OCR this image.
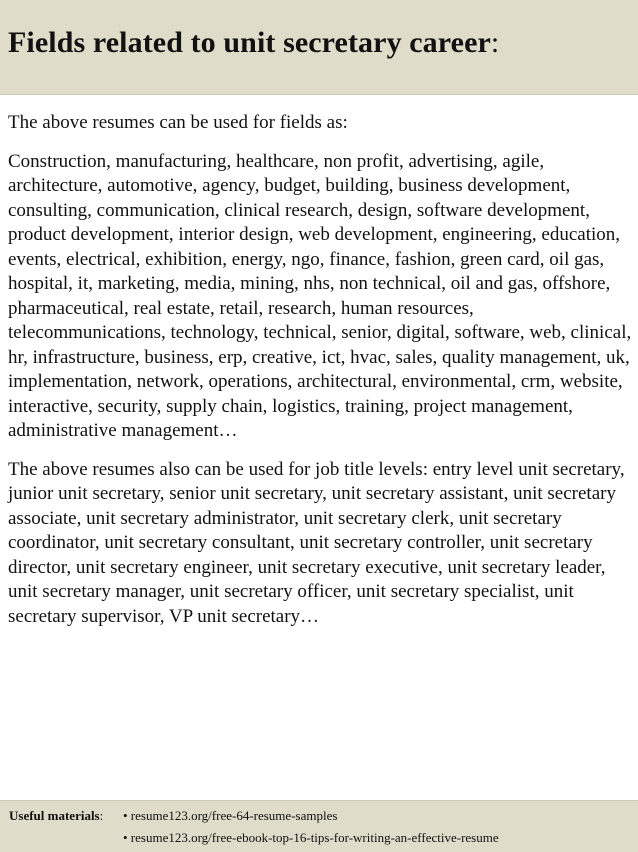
Fields related to unit secretary career:

The above resumes can be used for fields as:

Construction, manufacturing, healthcare, non profit, advertising, agile, architecture, automotive, agency, budget, building, business development, consulting, communication, clinical research, design, software development, product development, interior design, web development, engineering, education, events, electrical, exhibition, energy, ngo, finance, fashion, green card, oil gas, hospital, it, marketing, media, mining, nhs, non technical, oil and gas, offshore, pharmaceutical, real estate, retail, research, human resources, telecommunications, technology, technical, senior, digital, software, web, clinical, hr, infrastructure, business, erp, creative, ict, hvac, sales, quality management, uk, implementation, network, operations, architectural, environmental, crm, website, interactive, security, supply chain, logistics, training, project management, administrative management…

The above resumes also can be used for job title levels: entry level unit secretary, junior unit secretary, senior unit secretary, unit secretary assistant, unit secretary associate, unit secretary administrator, unit secretary clerk, unit secretary coordinator, unit secretary consultant, unit secretary controller, unit secretary director, unit secretary engineer, unit secretary executive, unit secretary leader, unit secretary manager, unit secretary officer, unit secretary specialist, unit secretary supervisor, VP unit secretary…

Useful materials: • resume123.org/free-64-resume-samples
• resume123.org/free-ebook-top-16-tips-for-writing-an-effective-resume
